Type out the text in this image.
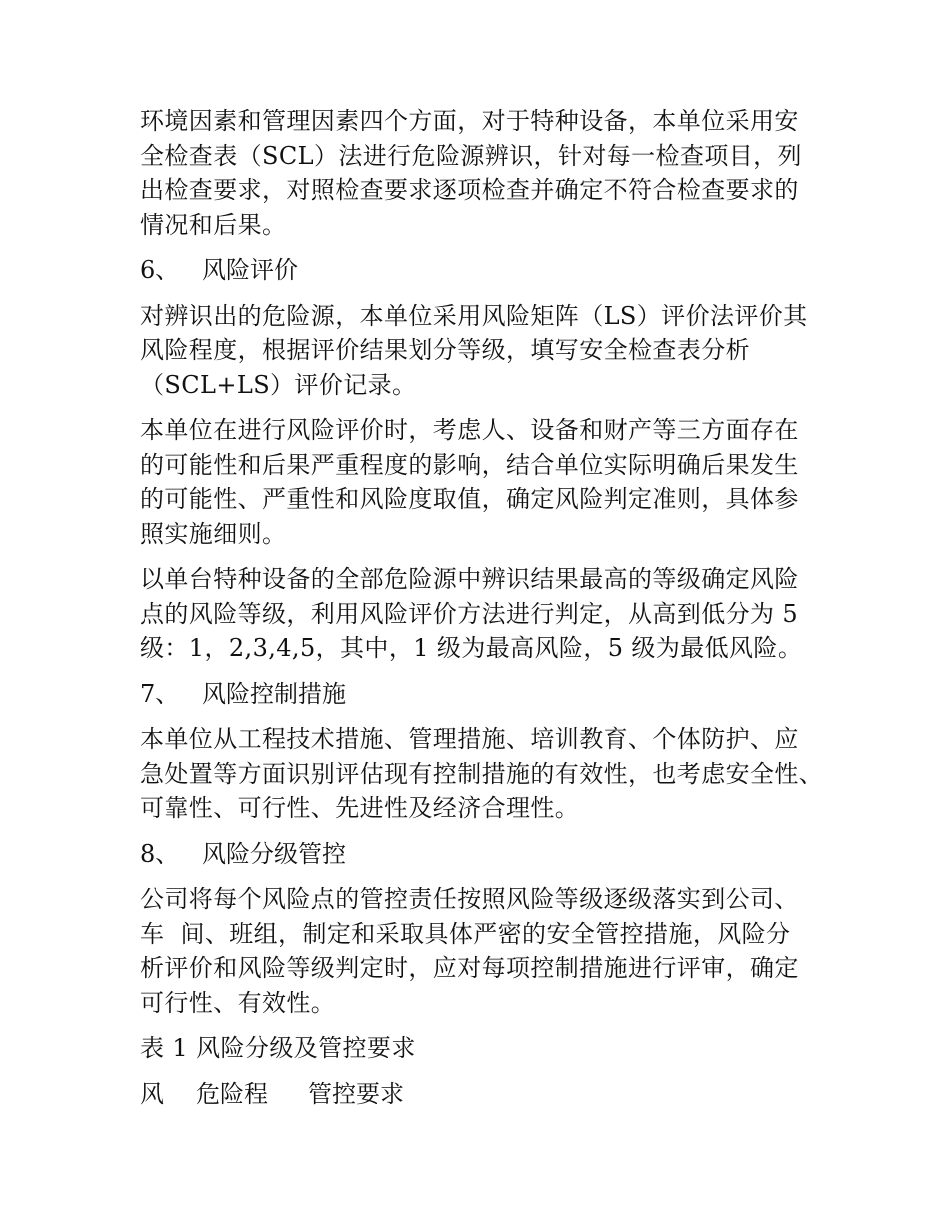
环境因素和管理因素四个方面，对于特种设备，本单位采用安
全检查表（SCL）法进行危险源辨识，针对每一检查项目，列
出检查要求，对照检查要求逐项检查并确定不符合检查要求的
情况和后果。
6、 风险评价
对辨识出的危险源，本单位采用风险矩阵（LS）评价法评价其
风险程度，根据评价结果划分等级，填写安全检查表分析
（SCL+LS）评价记录。
本单位在进行风险评价时，考虑人、设备和财产等三方面存在
的可能性和后果严重程度的影响，结合单位实际明确后果发生
的可能性、严重性和风险度取值，确定风险判定准则，具体参
照实施细则。
以单台特种设备的全部危险源中辨识结果最高的等级确定风险
点的风险等级，利用风险评价方法进行判定，从高到低分为 5
级：1，2,3,4,5，其中，1 级为最高风险，5 级为最低风险。
7、 风险控制措施
本单位从工程技术措施、管理措施、培训教育、个体防护、应
急处置等方面识别评估现有控制措施的有效性，也考虑安全性、
可靠性、可行性、先进性及经济合理性。
8、 风险分级管控
公司将每个风险点的管控责任按照风险等级逐级落实到公司、
车  间、班组，制定和采取具体严密的安全管控措施，风险分
析评价和风险等级判定时，应对每项控制措施进行评审，确定
可行性、有效性。
表 1 风险分级及管控要求
风 危险程 管控要求
